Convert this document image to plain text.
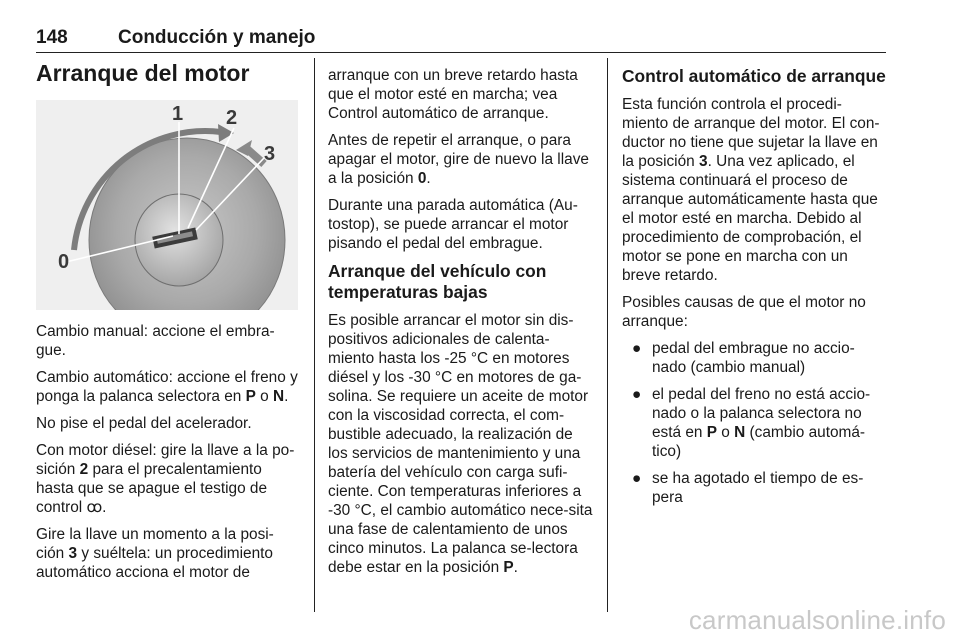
148	Conducción y manejo
Arranque del motor
0
1 2
3

Cambio manual: accione el embra-gue.

Cambio automático: accione el freno y ponga la palanca selectora en P o N.

No pise el pedal del acelerador.

Con motor diésel: gire la llave a la po-sición 2 para el precalentamiento hasta que se apague el testigo de control ꝏ.

Gire la llave un momento a la posi-ción 3 y suéltela: un procedimiento automático acciona el motor de

arranque con un breve retardo hasta que el motor esté en marcha; vea Control automático de arranque.

Antes de repetir el arranque, o para apagar el motor, gire de nuevo la llave a la posición 0.

Durante una parada automática (Au-tostop), se puede arrancar el motor pisando el pedal del embrague.

Arranque del vehículo con temperaturas bajas

Es posible arrancar el motor sin dis-positivos adicionales de calenta-miento hasta los -25 °C en motores diésel y los -30 °C en motores de ga-solina. Se requiere un aceite de motor con la viscosidad correcta, el com-bustible adecuado, la realización de los servicios de mantenimiento y una batería del vehículo con carga sufi-ciente. Con temperaturas inferiores a -30 °C, el cambio automático nece-sita una fase de calentamiento de unos cinco minutos. La palanca se-lectora debe estar en la posición P.

Control automático de arranque

Esta función controla el procedi-miento de arranque del motor. El con-ductor no tiene que sujetar la llave en la posición 3. Una vez aplicado, el sistema continuará el proceso de arranque automáticamente hasta que el motor esté en marcha. Debido al procedimiento de comprobación, el motor se pone en marcha con un breve retardo.

Posibles causas de que el motor no arranque:

● pedal del embrague no accio-nado (cambio manual)
● el pedal del freno no está accio-nado o la palanca selectora no está en P o N (cambio automá-tico)
● se ha agotado el tiempo de es-pera
carmanualsonline.info
